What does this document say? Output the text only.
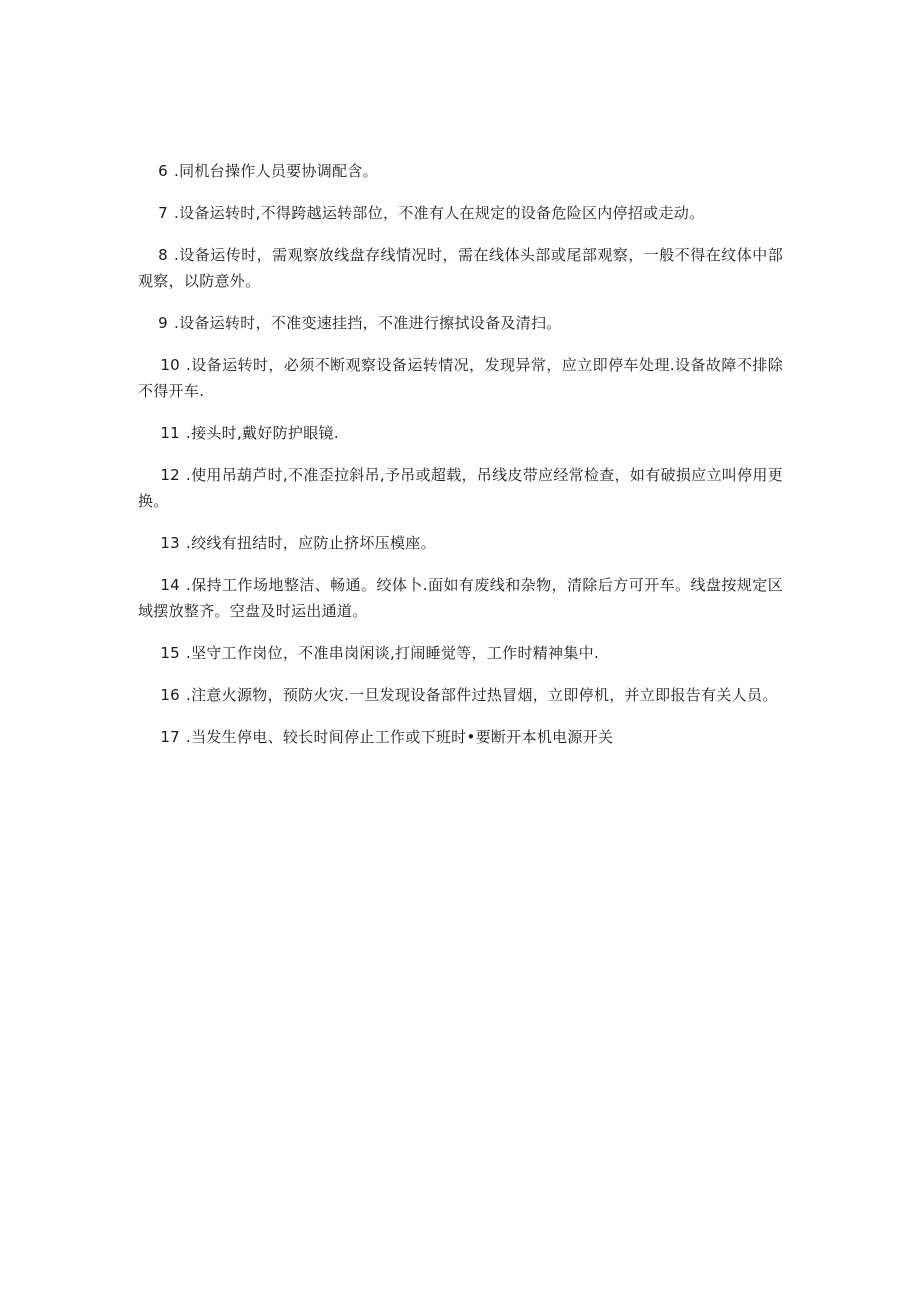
6 .同机台操作人员要协调配含。

7 .设备运转时,不得跨越运转部位，不准有人在规定的设备危险区内停招或走动。

8 .设备运传时，需观察放线盘存线情况时，需在线体头部或尾部观察，一般不得在纹体中部观察，以防意外。

9 .设备运转时，不准变速挂挡，不准进行擦拭设备及清扫。

10 .设备运转时，必须不断观察设备运转情况，发现异常，应立即停车处理.设备故障不排除不得开车.

11 .接头时,戴好防护眼镜.

12 .使用吊葫芦时,不准歪拉斜吊,予吊或超载，吊线皮带应经常检查，如有破损应立叫停用更换。

13 .绞线有扭结时，应防止挤坏压模座。

14 .保持工作场地整洁、畅通。绞体卜.面如有废线和杂物，清除后方可开车。线盘按规定区域摆放整齐。空盘及时运出通道。

15 .坚守工作岗位，不准串岗闲谈,打闹睡觉等，工作时精神集中.

16 .注意火源物，预防火灾.一旦发现设备部件过热冒烟，立即停机，并立即报告有关人员。

17 .当发生停电、较长时间停止工作或下班时•要断开本机电源开关
